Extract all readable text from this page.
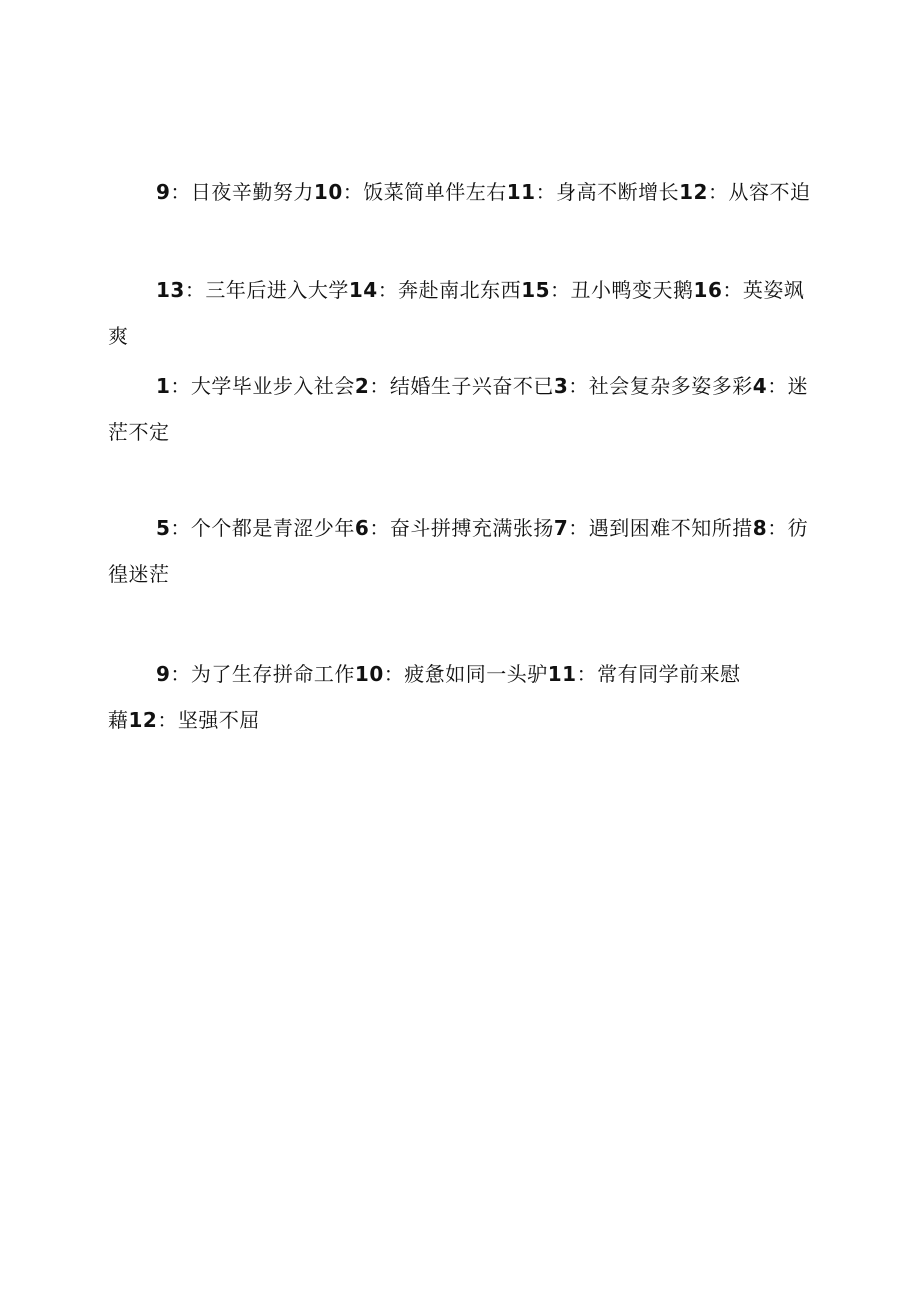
9：日夜辛勤努力10：饭菜简单伴左右11：身高不断增长12：从容不迫

13：三年后进入大学14：奔赴南北东西15：丑小鸭变天鹅16：英姿飒爽

1：大学毕业步入社会2：结婚生子兴奋不已3：社会复杂多姿多彩4：迷茫不定

5：个个都是青涩少年6：奋斗拼搏充满张扬7：遇到困难不知所措8：彷徨迷茫

9：为了生存拼命工作10：疲惫如同一头驴11：常有同学前来慰藉12：坚强不屈
